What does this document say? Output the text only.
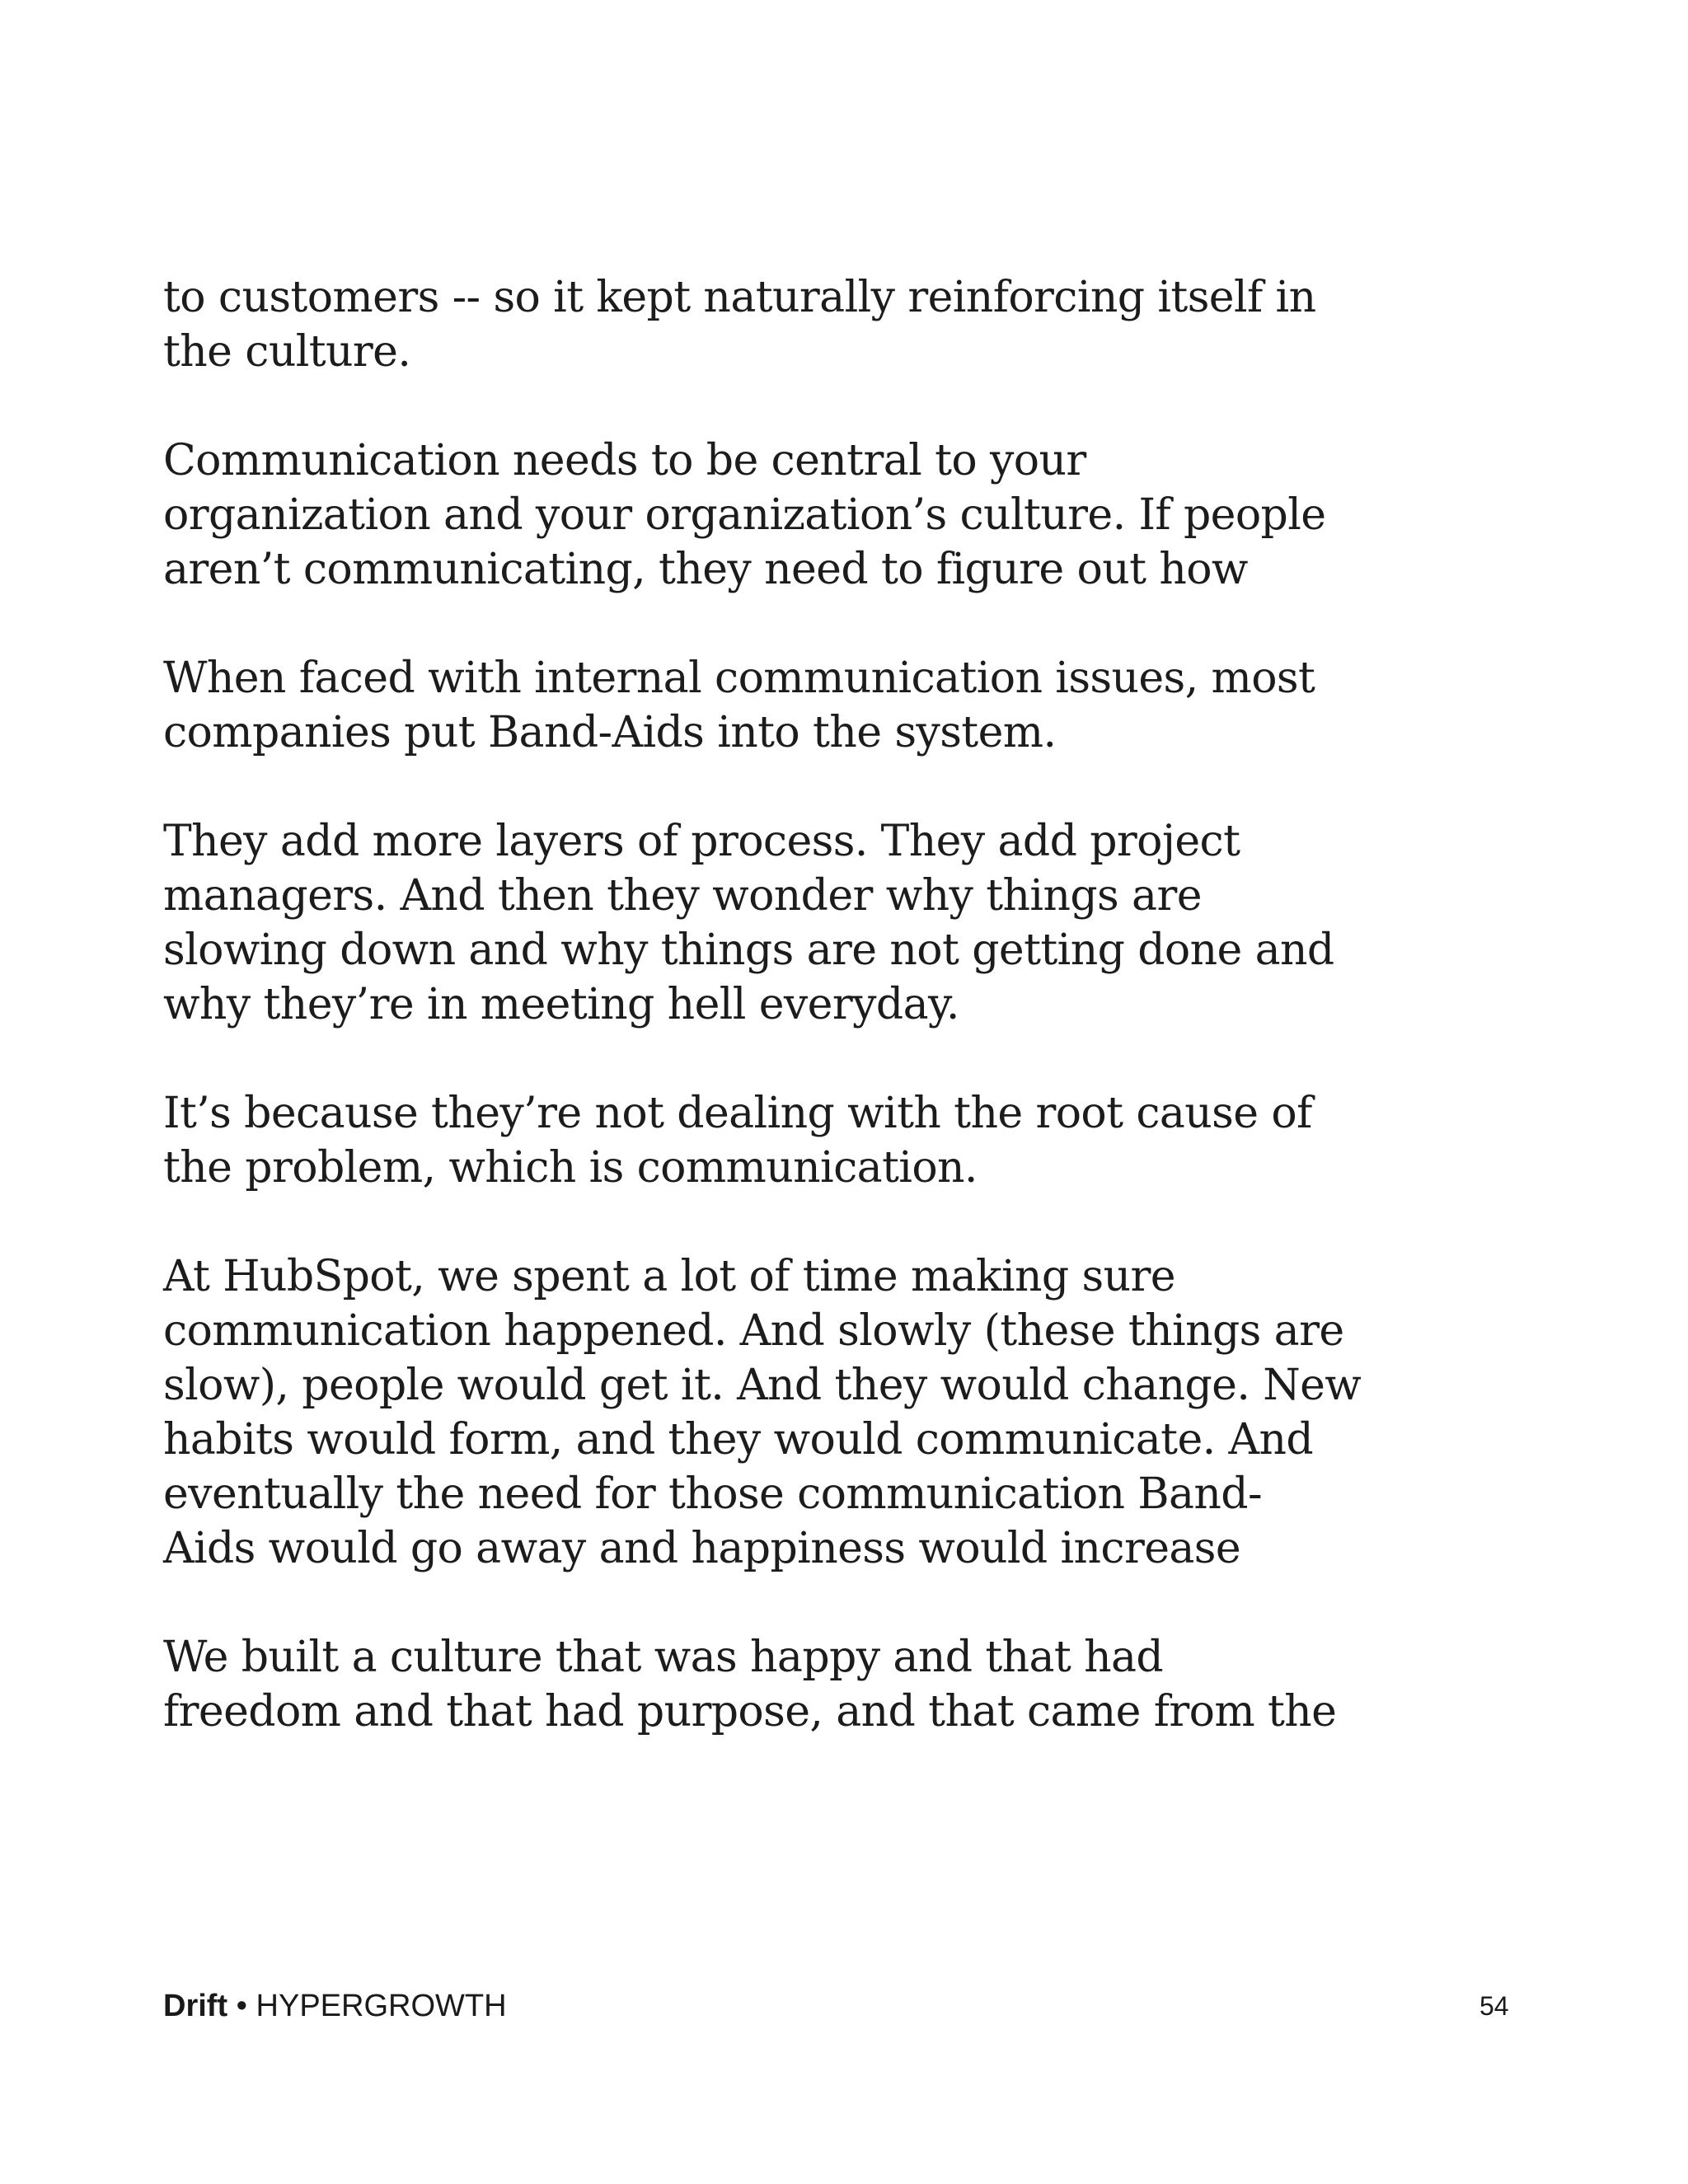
to customers -- so it kept naturally reinforcing itself in
the culture.

Communication needs to be central to your
organization and your organization’s culture. If people
aren’t communicating, they need to figure out how

When faced with internal communication issues, most
companies put Band-Aids into the system.

They add more layers of process. They add project
managers. And then they wonder why things are
slowing down and why things are not getting done and
why they’re in meeting hell everyday.

It’s because they’re not dealing with the root cause of
the problem, which is communication.

At HubSpot, we spent a lot of time making sure
communication happened. And slowly (these things are
slow), people would get it. And they would change. New
habits would form, and they would communicate. And
eventually the need for those communication Band-
Aids would go away and happiness would increase

We built a culture that was happy and that had
freedom and that had purpose, and that came from the

Drift • HYPERGROWTH	54
